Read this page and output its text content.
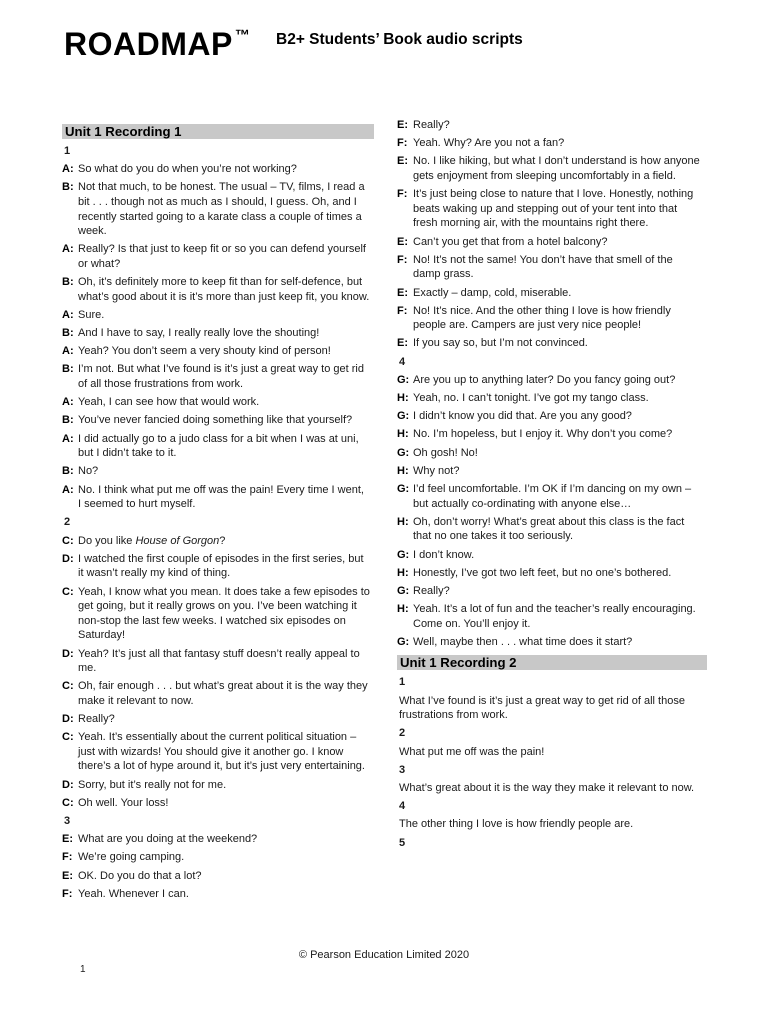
ROADMAP ™ B2+ Students’ Book audio scripts
Unit 1 Recording 1
1
A: So what do you do when you’re not working?
B: Not that much, to be honest. The usual – TV, films, I read a bit . . . though not as much as I should, I guess. Oh, and I recently started going to a karate class a couple of times a week.
A: Really? Is that just to keep fit or so you can defend yourself or what?
B: Oh, it’s definitely more to keep fit than for self-defence, but what’s good about it is it’s more than just keep fit, you know.
A: Sure.
B: And I have to say, I really really love the shouting!
A: Yeah? You don’t seem a very shouty kind of person!
B: I’m not. But what I’ve found is it’s just a great way to get rid of all those frustrations from work.
A: Yeah, I can see how that would work.
B: You’ve never fancied doing something like that yourself?
A: I did actually go to a judo class for a bit when I was at uni, but I didn’t take to it.
B: No?
A: No. I think what put me off was the pain! Every time I went, I seemed to hurt myself.
2
C: Do you like House of Gorgon?
D: I watched the first couple of episodes in the first series, but it wasn’t really my kind of thing.
C: Yeah, I know what you mean. It does take a few episodes to get going, but it really grows on you. I’ve been watching it non-stop the last few weeks. I watched six episodes on Saturday!
D: Yeah? It’s just all that fantasy stuff doesn’t really appeal to me.
C: Oh, fair enough . . . but what’s great about it is the way they make it relevant to now.
D: Really?
C: Yeah. It’s essentially about the current political situation – just with wizards! You should give it another go. I know there’s a lot of hype around it, but it’s just very entertaining.
D: Sorry, but it’s really not for me.
C: Oh well. Your loss!
3
E: What are you doing at the weekend?
F: We’re going camping.
E: OK. Do you do that a lot?
F: Yeah. Whenever I can.
E: Really?
F: Yeah. Why? Are you not a fan?
E: No. I like hiking, but what I don’t understand is how anyone gets enjoyment from sleeping uncomfortably in a field.
F: It’s just being close to nature that I love. Honestly, nothing beats waking up and stepping out of your tent into that fresh morning air, with the mountains right there.
E: Can’t you get that from a hotel balcony?
F: No! It’s not the same! You don’t have that smell of the damp grass.
E: Exactly – damp, cold, miserable.
F: No! It’s nice. And the other thing I love is how friendly people are. Campers are just very nice people!
E: If you say so, but I’m not convinced.
4
G: Are you up to anything later? Do you fancy going out?
H: Yeah, no. I can’t tonight. I’ve got my tango class.
G: I didn’t know you did that. Are you any good?
H: No. I’m hopeless, but I enjoy it. Why don’t you come?
G: Oh gosh! No!
H: Why not?
G: I’d feel uncomfortable. I’m OK if I’m dancing on my own – but actually co-ordinating with anyone else…
H: Oh, don’t worry! What’s great about this class is the fact that no one takes it too seriously.
G: I don’t know.
H: Honestly, I’ve got two left feet, but no one’s bothered.
G: Really?
H: Yeah. It’s a lot of fun and the teacher’s really encouraging. Come on. You’ll enjoy it.
G: Well, maybe then . . . what time does it start?
Unit 1 Recording 2
1
What I’ve found is it’s just a great way to get rid of all those frustrations from work.
2
What put me off was the pain!
3
What’s great about it is the way they make it relevant to now.
4
The other thing I love is how friendly people are.
5
© Pearson Education Limited 2020
1
